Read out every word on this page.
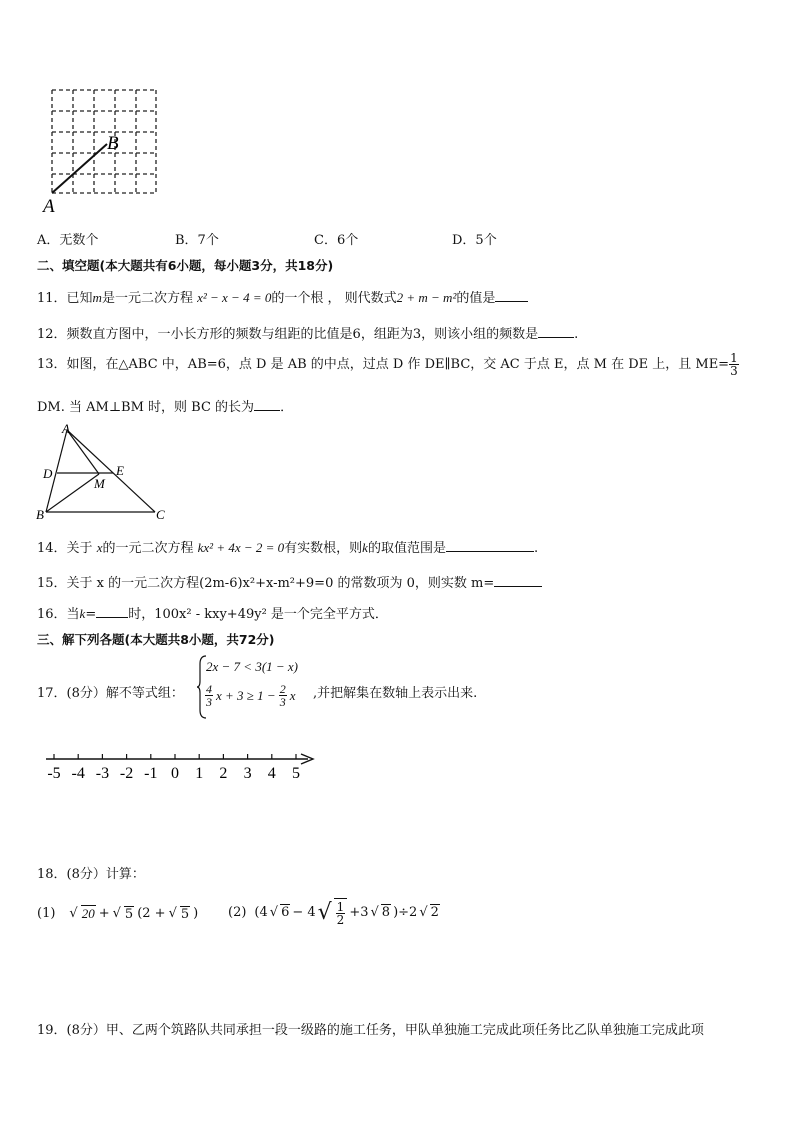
A
B
A．无数个	B．7个	C．6个	D．5个
二、填空题(本大题共有6小题，每小题3分，共18分)
11．已知m是一元二次方程 x² − x − 4 = 0的一个根 ， 则代数式2 + m − m²的值是
12．频数直方图中，一小长方形的频数与组距的比值是6，组距为3，则该小组的频数是	.
13．如图，在△ABC 中，AB=6，点 D 是 AB 的中点，过点 D 作 DE∥BC，交 AC 于点 E，点 M 在 DE 上，且 $ME= \frac{1}{3}$
DM. 当 AM⊥BM 时，则 BC 的长为 ．
A
D	E
M
B	C
14．关于 x的一元二次方程 kx² + 4x − 2 = 0有实数根，则k的取值范围是	.
15．关于 x 的一元二次方程(2m-6)x²+x-m²+9=0 的常数项为 0，则实数 m=
16．当k= 时，100x² - kxy+49y² 是一个完全平方式．
三、解下列各题(本大题共8小题，共72分)
17．(8分）解不等式组：
2x − 7 < 3(1 − x)
$\frac{4}{3}$ $x + 3 \ge 1 - \frac{2}{3}$ x ,并把解集在数轴上表示出来.
-5 -4 -3 -2 -1 0 1 2 3 4 5
18．(8分）计算：
(1) √ 20 + √ 5 (2 + √ 5 ) (2) (4 √ 6 − 4 √ $\frac{1}{2} +3$ √ 8 )÷2 √ 2
19．(8分）甲、乙两个筑路队共同承担一段一级路的施工任务，甲队单独施工完成此项任务比乙队单独施工完成此项
